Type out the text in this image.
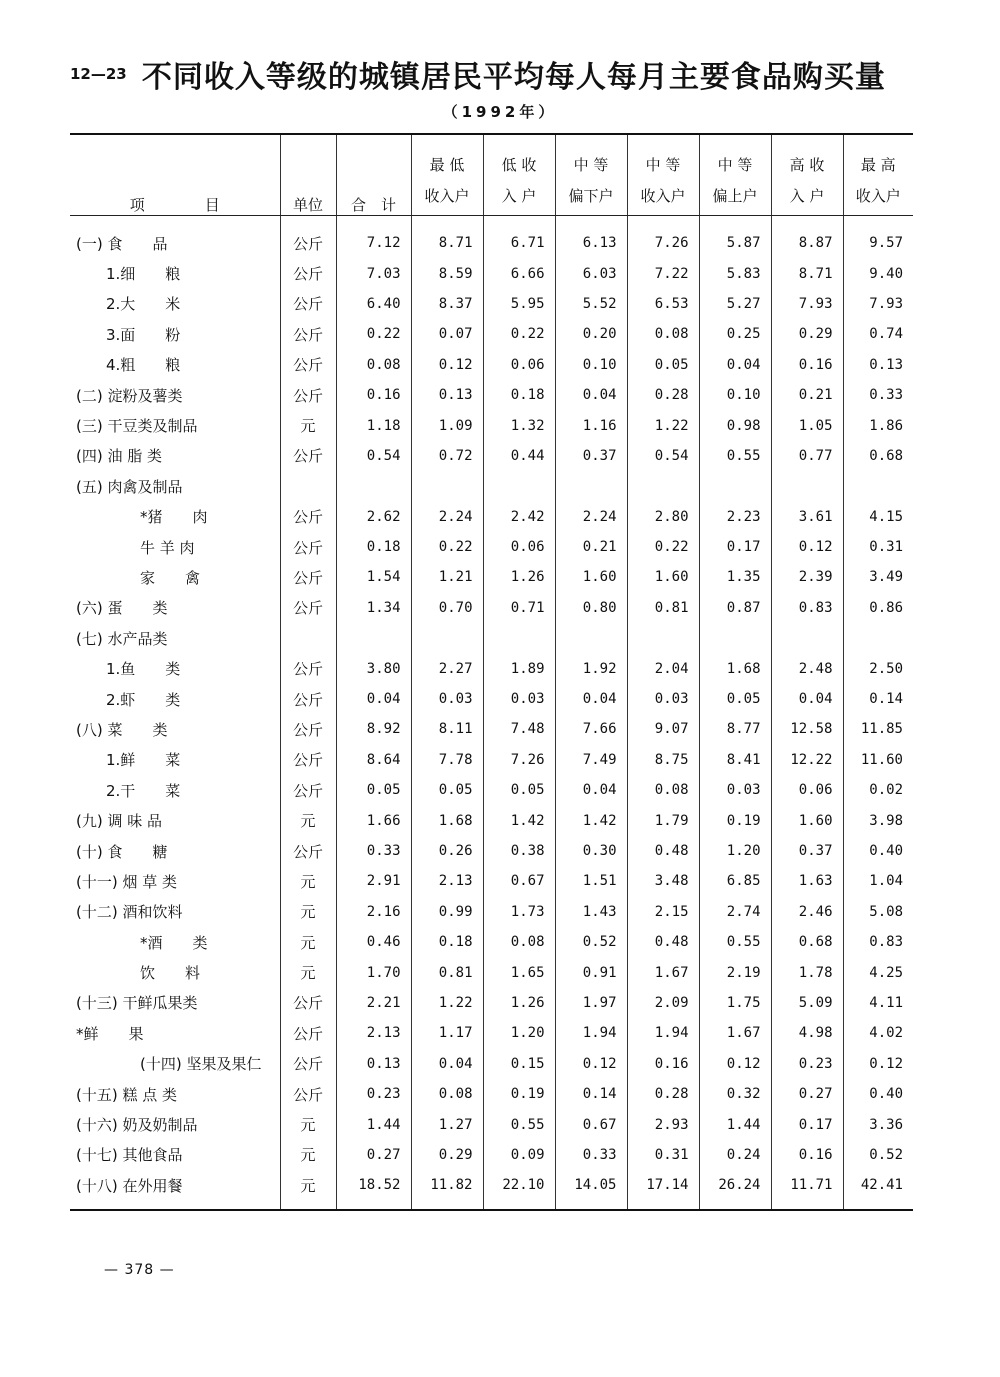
12—23 不同收入等级的城镇居民平均每人每月主要食品购买量
（1992年）
项　　　　目	单位	合　计	最 低	低 收	中 等	中 等	中 等	高 收	最 高
			收入户	入 户	偏下户	收入户	偏上户	入 户	收入户
(一) 食　　品	公斤	7.12	8.71	6.71	6.13	7.26	5.87	8.87	9.57
1.细　　粮	公斤	7.03	8.59	6.66	6.03	7.22	5.83	8.71	9.40
2.大　　米	公斤	6.40	8.37	5.95	5.52	6.53	5.27	7.93	7.93
3.面　　粉	公斤	0.22	0.07	0.22	0.20	0.08	0.25	0.29	0.74
4.粗　　粮	公斤	0.08	0.12	0.06	0.10	0.05	0.04	0.16	0.13
(二) 淀粉及薯类	公斤	0.16	0.13	0.18	0.04	0.28	0.10	0.21	0.33
(三) 干豆类及制品	元	1.18	1.09	1.32	1.16	1.22	0.98	1.05	1.86
(四) 油 脂 类	公斤	0.54	0.72	0.44	0.37	0.54	0.55	0.77	0.68
(五) 肉禽及制品									
*猪　　肉	公斤	2.62	2.24	2.42	2.24	2.80	2.23	3.61	4.15
牛 羊 肉	公斤	0.18	0.22	0.06	0.21	0.22	0.17	0.12	0.31
家　　禽	公斤	1.54	1.21	1.26	1.60	1.60	1.35	2.39	3.49
(六) 蛋　　类	公斤	1.34	0.70	0.71	0.80	0.81	0.87	0.83	0.86
(七) 水产品类									
1.鱼　　类	公斤	3.80	2.27	1.89	1.92	2.04	1.68	2.48	2.50
2.虾　　类	公斤	0.04	0.03	0.03	0.04	0.03	0.05	0.04	0.14
(八) 菜　　类	公斤	8.92	8.11	7.48	7.66	9.07	8.77	12.58	11.85
1.鲜　　菜	公斤	8.64	7.78	7.26	7.49	8.75	8.41	12.22	11.60
2.干　　菜	公斤	0.05	0.05	0.05	0.04	0.08	0.03	0.06	0.02
(九) 调 味 品	元	1.66	1.68	1.42	1.42	1.79	0.19	1.60	3.98
(十) 食　　糖	公斤	0.33	0.26	0.38	0.30	0.48	1.20	0.37	0.40
(十一) 烟 草 类	元	2.91	2.13	0.67	1.51	3.48	6.85	1.63	1.04
(十二) 酒和饮料	元	2.16	0.99	1.73	1.43	2.15	2.74	2.46	5.08
*酒　　类	元	0.46	0.18	0.08	0.52	0.48	0.55	0.68	0.83
饮　　料	元	1.70	0.81	1.65	0.91	1.67	2.19	1.78	4.25
(十三) 干鲜瓜果类	公斤	2.21	1.22	1.26	1.97	2.09	1.75	5.09	4.11
*鲜　　果	公斤	2.13	1.17	1.20	1.94	1.94	1.67	4.98	4.02
(十四) 坚果及果仁	公斤	0.13	0.04	0.15	0.12	0.16	0.12	0.23	0.12
(十五) 糕 点 类	公斤	0.23	0.08	0.19	0.14	0.28	0.32	0.27	0.40
(十六) 奶及奶制品	元	1.44	1.27	0.55	0.67	2.93	1.44	0.17	3.36
(十七) 其他食品	元	0.27	0.29	0.09	0.33	0.31	0.24	0.16	0.52
(十八) 在外用餐	元	18.52	11.82	22.10	14.05	17.14	26.24	11.71	42.41
— 378 —
